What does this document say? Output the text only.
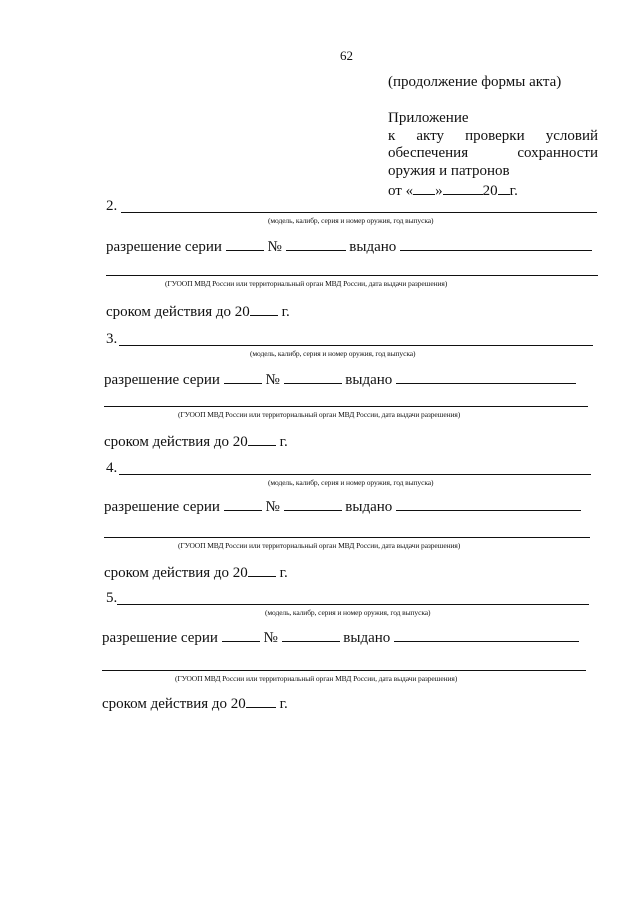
62
(продолжение формы акта)
Приложение
к акту проверки условий
обеспечения сохранности
оружия и патронов
от « »	20 г.
2.
(модель, калибр, серия и номер оружия, год выпуска)
разрешение серии	№	выдано
(ГУООП МВД России или территориальный орган МВД России, дата выдачи разрешения)
сроком действия до 20 г.
3.
(модель, калибр, серия и номер оружия, год выпуска)
разрешение серии	№	выдано
(ГУООП МВД России или территориальный орган МВД России, дата выдачи разрешения)
сроком действия до 20 г.
4.
(модель, калибр, серия и номер оружия, год выпуска)
разрешение серии	№	выдано
(ГУООП МВД России или территориальный орган МВД России, дата выдачи разрешения)
сроком действия до 20 г.
5.
(модель, калибр, серия и номер оружия, год выпуска)
разрешение серии	№	выдано
(ГУООП МВД России или территориальный орган МВД России, дата выдачи разрешения)
сроком действия до 20 г.
